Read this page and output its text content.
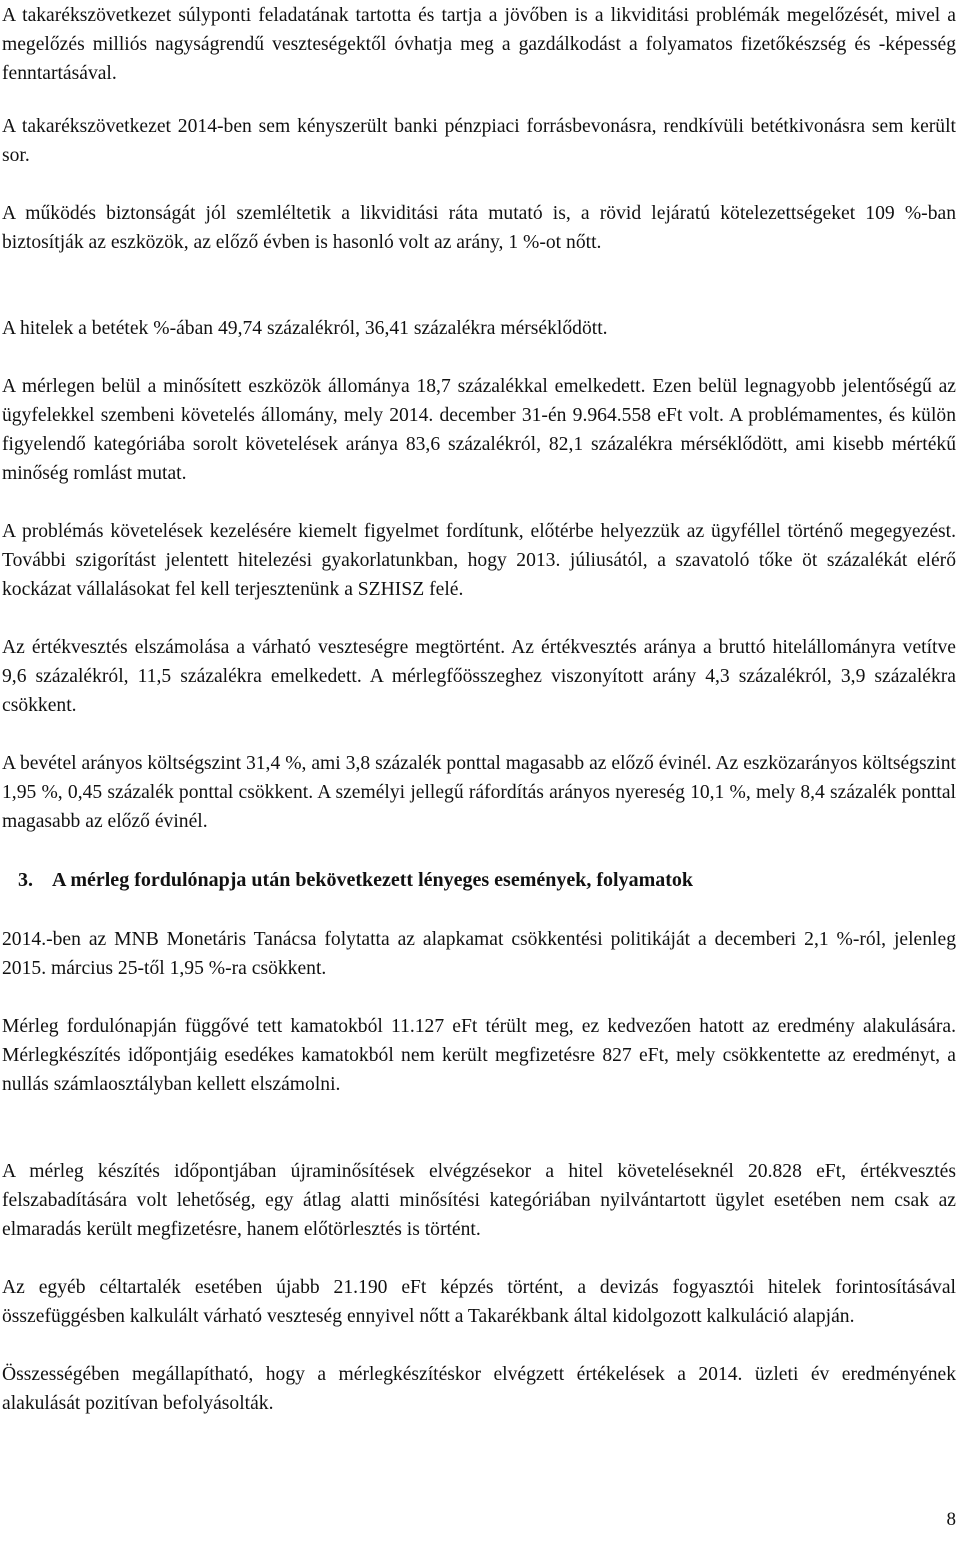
A takarékszövetkezet súlyponti feladatának tartotta és tartja a jövőben is a likviditási problémák megelőzését, mivel a megelőzés milliós nagyságrendű veszteségektől óvhatja meg a gazdálkodást a folyamatos fizetőkészség és -képesség fenntartásával.

A takarékszövetkezet 2014-ben sem kényszerült banki pénzpiaci forrásbevonásra, rendkívüli betétkivonásra sem került sor.

A működés biztonságát jól szemléltetik a likviditási ráta mutató is, a rövid lejáratú kötelezettségeket 109 %-ban biztosítják az eszközök, az előző évben is hasonló volt az arány, 1 %-ot nőtt.

A hitelek a betétek %-ában 49,74 százalékról, 36,41 százalékra mérséklődött.

A mérlegen belül a minősített eszközök állománya 18,7 százalékkal emelkedett. Ezen belül legnagyobb jelentőségű az ügyfelekkel szembeni követelés állomány, mely 2014. december 31-én 9.964.558 eFt volt. A problémamentes, és külön figyelendő kategóriába sorolt követelések aránya 83,6 százalékról, 82,1 százalékra mérséklődött, ami kisebb mértékű minőség romlást mutat.

A problémás követelések kezelésére kiemelt figyelmet fordítunk, előtérbe helyezzük az ügyféllel történő megegyezést. További szigorítást jelentett hitelezési gyakorlatunkban, hogy 2013. júliusától, a szavatoló tőke öt százalékát elérő kockázat vállalásokat fel kell terjesztenünk a SZHISZ felé.

Az értékvesztés elszámolása a várható veszteségre megtörtént. Az értékvesztés aránya a bruttó hitelállományra vetítve 9,6 százalékról, 11,5 százalékra emelkedett. A mérlegfőösszeghez viszonyított arány 4,3 százalékról, 3,9 százalékra csökkent.

A bevétel arányos költségszint 31,4 %, ami 3,8 százalék ponttal magasabb az előző évinél. Az eszközarányos költségszint 1,95 %, 0,45 százalék ponttal csökkent. A személyi jellegű ráfordítás arányos nyereség 10,1 %, mely 8,4 százalék ponttal magasabb az előző évinél.

3. A mérleg fordulónapja után bekövetkezett lényeges események, folyamatok

2014.-ben az MNB Monetáris Tanácsa folytatta az alapkamat csökkentési politikáját a decemberi 2,1 %-ról, jelenleg 2015. március 25-től 1,95 %-ra csökkent.

Mérleg fordulónapján függővé tett kamatokból 11.127 eFt térült meg, ez kedvezően hatott az eredmény alakulására. Mérlegkészítés időpontjáig esedékes kamatokból nem került megfizetésre 827 eFt, mely csökkentette az eredményt, a nullás számlaosztályban kellett elszámolni.

A mérleg készítés időpontjában újraminősítések elvégzésekor a hitel követeléseknél 20.828 eFt, értékvesztés felszabadítására volt lehetőség, egy átlag alatti minősítési kategóriában nyilvántartott ügylet esetében nem csak az elmaradás került megfizetésre, hanem előtörlesztés is történt.

Az egyéb céltartalék esetében újabb 21.190 eFt képzés történt, a devizás fogyasztói hitelek forintosításával összefüggésben kalkulált várható veszteség ennyivel nőtt a Takarékbank által kidolgozott kalkuláció alapján.

Összességében megállapítható, hogy a mérlegkészítéskor elvégzett értékelések a 2014. üzleti év eredményének alakulását pozitívan befolyásolták.

8
